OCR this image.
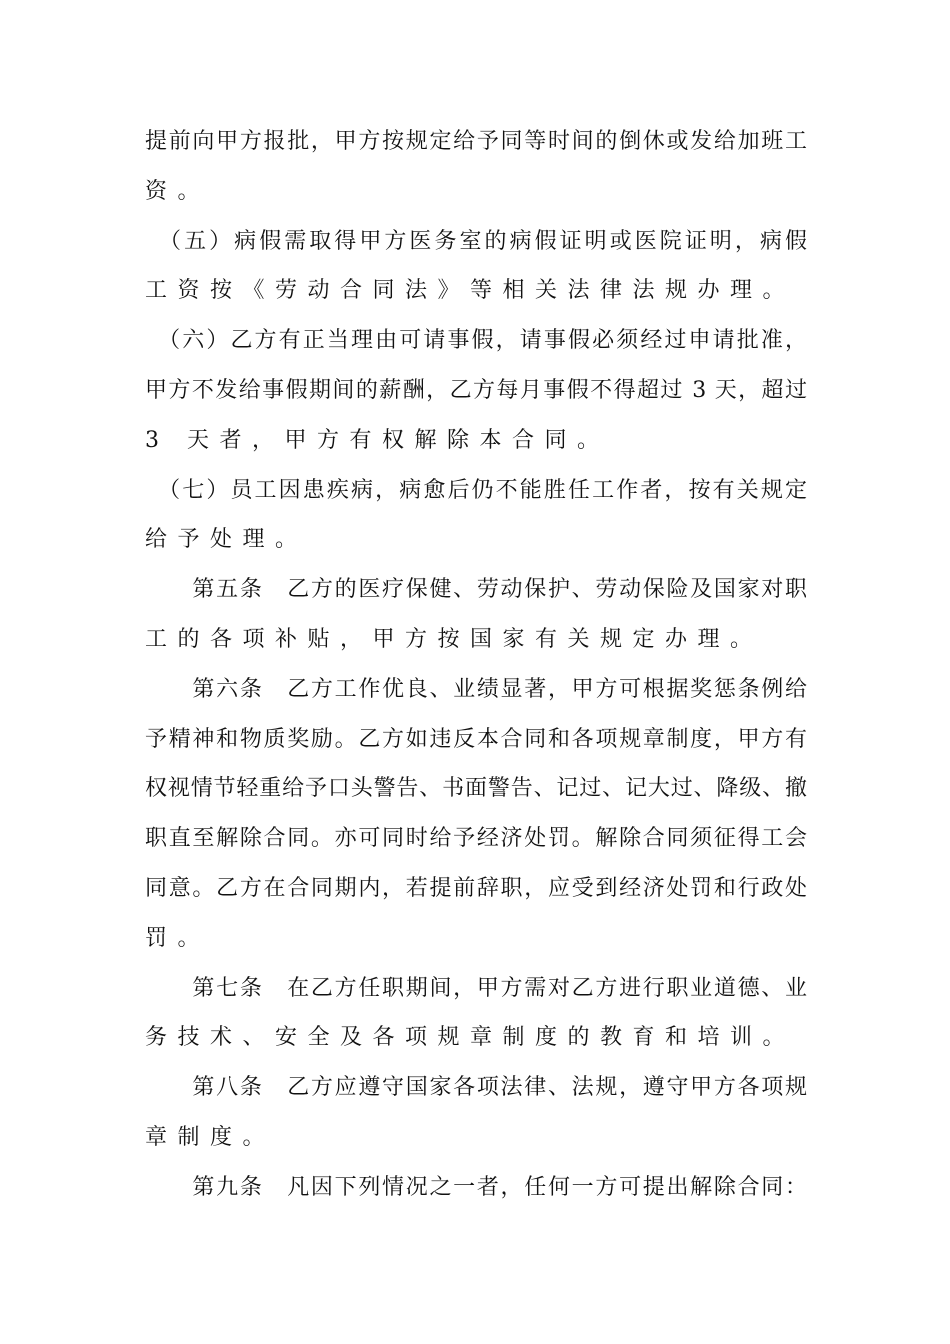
提前向甲方报批，甲方按规定给予同等时间的倒休或发给加班工
资。
　（五）病假需取得甲方医务室的病假证明或医院证明，病假
工资按《劳动合同法》等相关法律法规办理。
　（六）乙方有正当理由可请事假，请事假必须经过申请批准，
甲方不发给事假期间的薪酬，乙方每月事假不得超过 3 天，超过
3 天者，甲方有权解除本合同。
　（七）员工因患疾病，病愈后仍不能胜任工作者，按有关规定
给予处理。
　　第五条　乙方的医疗保健、劳动保护、劳动保险及国家对职
工的各项补贴，甲方按国家有关规定办理。
　　第六条　乙方工作优良、业绩显著，甲方可根据奖惩条例给
予精神和物质奖励。乙方如违反本合同和各项规章制度，甲方有
权视情节轻重给予口头警告、书面警告、记过、记大过、降级、撤
职直至解除合同。亦可同时给予经济处罚。解除合同须征得工会
同意。乙方在合同期内，若提前辞职，应受到经济处罚和行政处
罚。
　　第七条　在乙方任职期间，甲方需对乙方进行职业道德、业
务技术、安全及各项规章制度的教育和培训。
　　第八条　乙方应遵守国家各项法律、法规，遵守甲方各项规
章制度。
　　第九条　凡因下列情况之一者，任何一方可提出解除合同：
